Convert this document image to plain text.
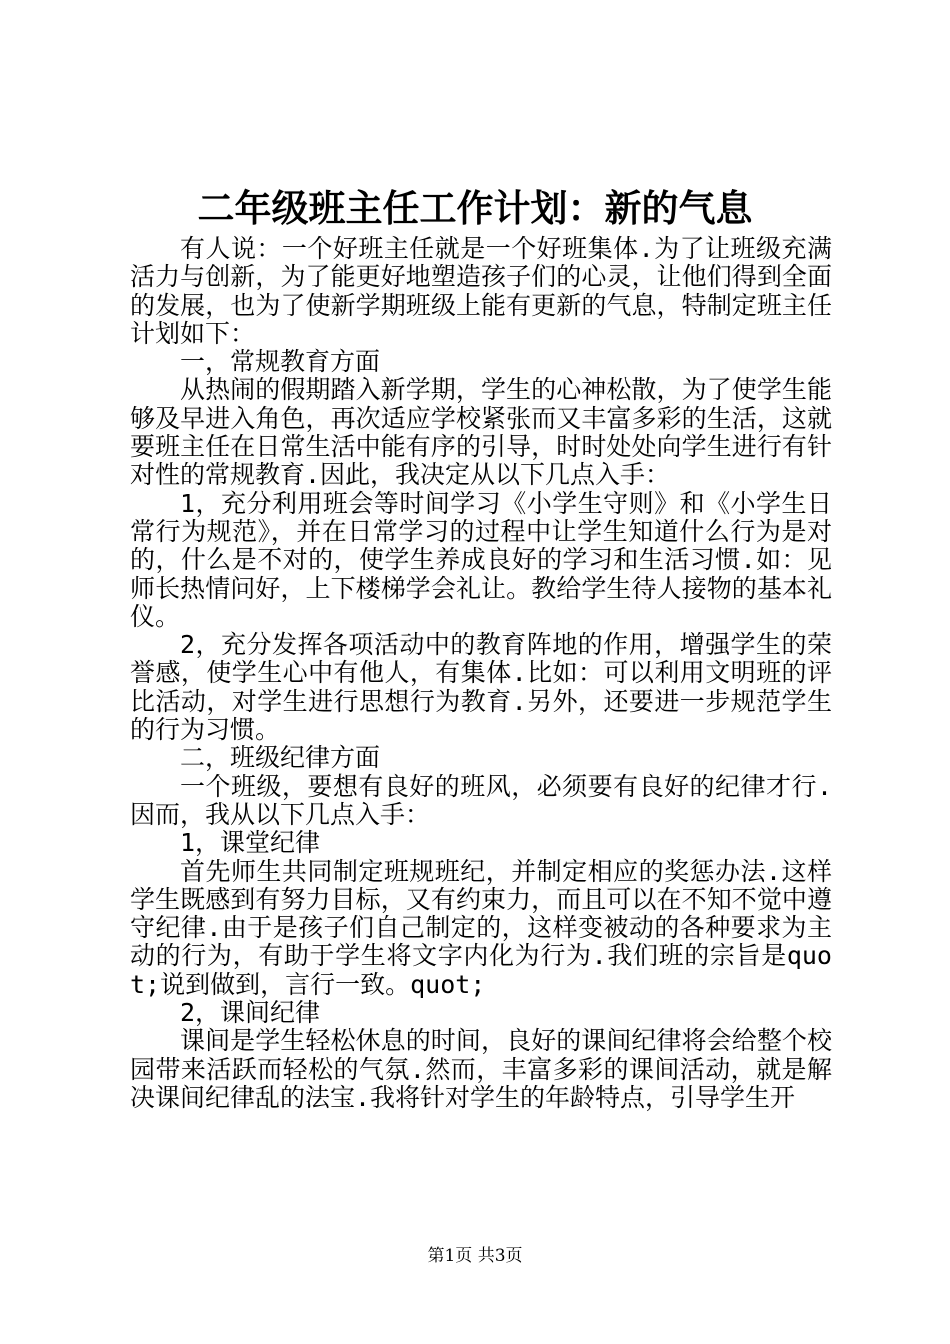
二年级班主任工作计划：新的气息

有人说：一个好班主任就是一个好班集体.为了让班级充满活力与创新，为了能更好地塑造孩子们的心灵，让他们得到全面的发展，也为了使新学期班级上能有更新的气息，特制定班主任计划如下：

一，常规教育方面

从热闹的假期踏入新学期，学生的心神松散，为了使学生能够及早进入角色，再次适应学校紧张而又丰富多彩的生活，这就要班主任在日常生活中能有序的引导，时时处处向学生进行有针对性的常规教育.因此，我决定从以下几点入手：

1，充分利用班会等时间学习《小学生守则》和《小学生日常行为规范》，并在日常学习的过程中让学生知道什么行为是对的，什么是不对的，使学生养成良好的学习和生活习惯.如：见师长热情问好，上下楼梯学会礼让。教给学生待人接物的基本礼仪。

2，充分发挥各项活动中的教育阵地的作用，增强学生的荣誉感，使学生心中有他人，有集体.比如：可以利用文明班的评比活动，对学生进行思想行为教育.另外，还要进一步规范学生的行为习惯。

二，班级纪律方面

一个班级，要想有良好的班风，必须要有良好的纪律才行.因而，我从以下几点入手：

1，课堂纪律

首先师生共同制定班规班纪，并制定相应的奖惩办法.这样学生既感到有努力目标，又有约束力，而且可以在不知不觉中遵守纪律.由于是孩子们自己制定的，这样变被动的各种要求为主动的行为，有助于学生将文字内化为行为.我们班的宗旨是quot;说到做到，言行一致。quot;

2，课间纪律

课间是学生轻松休息的时间，良好的课间纪律将会给整个校园带来活跃而轻松的气氛.然而，丰富多彩的课间活动，就是解决课间纪律乱的法宝.我将针对学生的年龄特点，引导学生开

第1页 共3页
